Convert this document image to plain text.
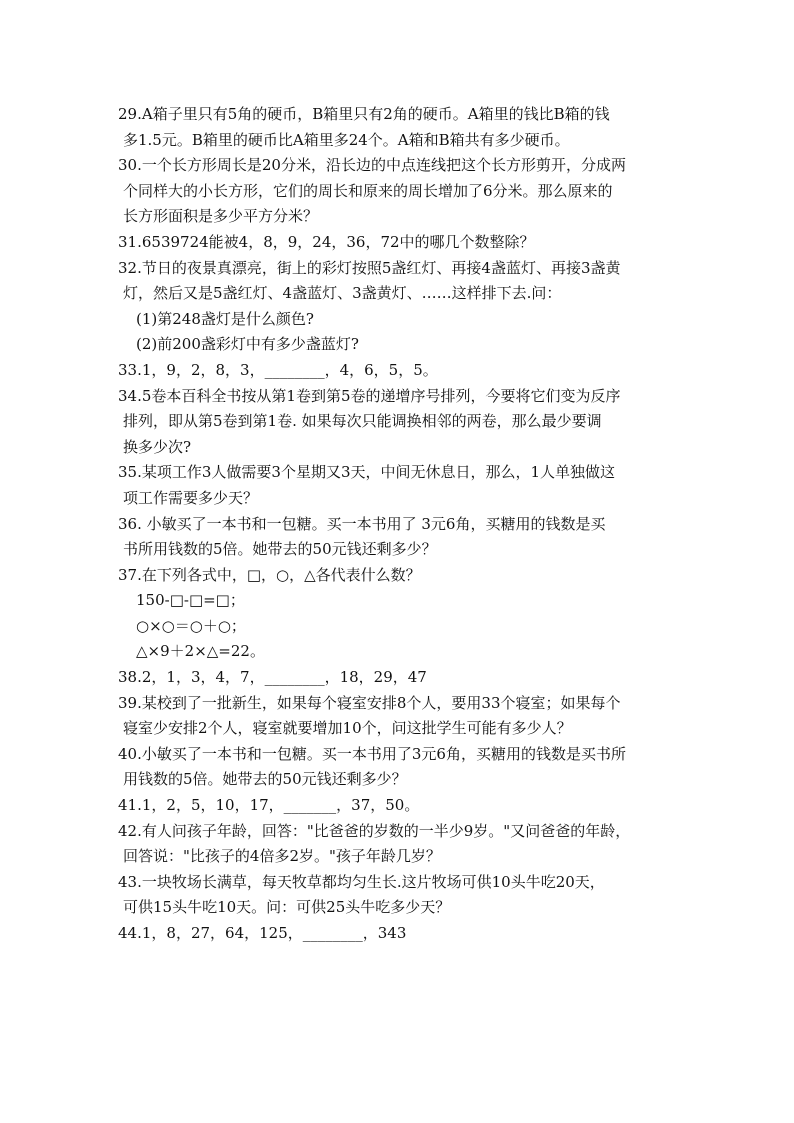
29.A箱子里只有5角的硬币，B箱里只有2角的硬币。A箱里的钱比B箱的钱
多1.5元。B箱里的硬币比A箱里多24个。A箱和B箱共有多少硬币。
30.一个长方形周长是20分米，沿长边的中点连线把这个长方形剪开，分成两
个同样大的小长方形，它们的周长和原来的周长增加了6分米。那么原来的
长方形面积是多少平方分米？
31.6539724能被4，8，9，24，36，72中的哪几个数整除？
32.节日的夜景真漂亮，街上的彩灯按照5盏红灯、再接4盏蓝灯、再接3盏黄
灯，然后又是5盏红灯、4盏蓝灯、3盏黄灯、……这样排下去.问：
(1)第248盏灯是什么颜色?
(2)前200盏彩灯中有多少盏蓝灯?
33.1，9，2，8，3，________，4，6，5，5。
34.5卷本百科全书按从第1卷到第5卷的递增序号排列，今要将它们变为反序
排列，即从第5卷到第1卷. 如果每次只能调换相邻的两卷，那么最少要调
换多少次?
35.某项工作3人做需要3个星期又3天，中间无休息日，那么，1人单独做这
项工作需要多少天？
36. 小敏买了一本书和一包糖。买一本书用了 3元6角，买糖用的钱数是买
书所用钱数的5倍。她带去的50元钱还剩多少？
37.在下列各式中，□，○，△各代表什么数？
150-□-□=□；
○×○＝○＋○；
△×9＋2×△=22。
38.2，1，3，4，7，________，18，29，47
39.某校到了一批新生，如果每个寝室安排8个人，要用33个寝室；如果每个
寝室少安排2个人，寝室就要增加10个，问这批学生可能有多少人？
40.小敏买了一本书和一包糖。买一本书用了3元6角，买糖用的钱数是买书所
用钱数的5倍。她带去的50元钱还剩多少？
41.1，2，5，10，17，_______，37，50。
42.有人问孩子年龄，回答："比爸爸的岁数的一半少9岁。"又问爸爸的年龄，
回答说："比孩子的4倍多2岁。"孩子年龄几岁？
43.一块牧场长满草，每天牧草都均匀生长.这片牧场可供10头牛吃20天，
可供15头牛吃10天。问：可供25头牛吃多少天？
44.1，8，27，64，125，________，343
